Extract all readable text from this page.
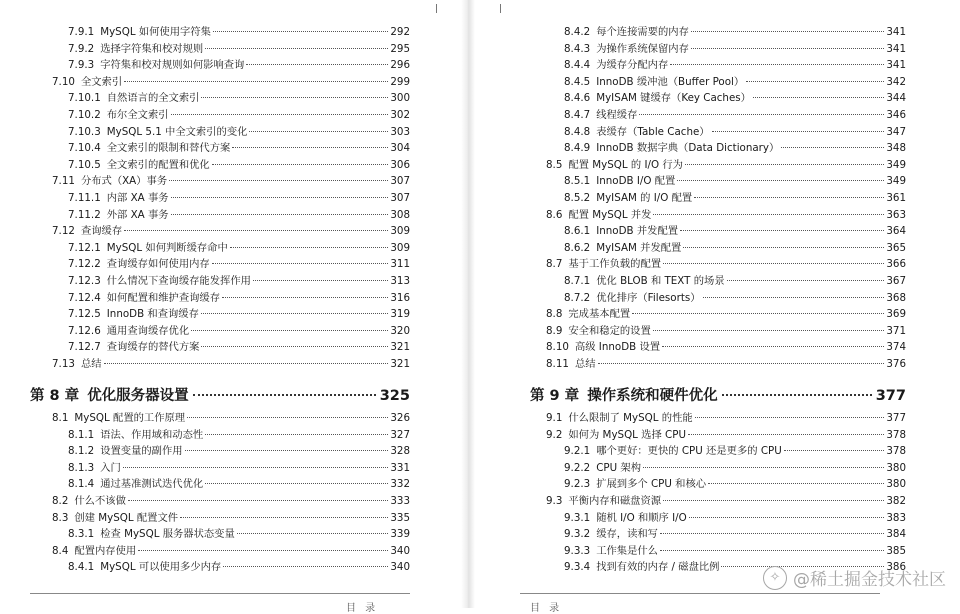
7.9.1 MySQL 如何使用字符集	292
7.9.2 选择字符集和校对规则	295
7.9.3 字符集和校对规则如何影响查询	296
7.10 全文索引	299
7.10.1 自然语言的全文索引	300
7.10.2 布尔全文索引	302
7.10.3 MySQL 5.1 中全文索引的变化	303
7.10.4 全文索引的限制和替代方案	304
7.10.5 全文索引的配置和优化	306
7.11 分布式（XA）事务	307
7.11.1 内部 XA 事务	307
7.11.2 外部 XA 事务	308
7.12 查询缓存	309
7.12.1 MySQL 如何判断缓存命中	309
7.12.2 查询缓存如何使用内存	311
7.12.3 什么情况下查询缓存能发挥作用	313
7.12.4 如何配置和维护查询缓存	316
7.12.5 InnoDB 和查询缓存	319
7.12.6 通用查询缓存优化	320
7.12.7 查询缓存的替代方案	321
7.13 总结	321
第 8 章 优化服务器设置	325
8.1 MySQL 配置的工作原理	326
8.1.1 语法、作用域和动态性	327
8.1.2 设置变量的副作用	328
8.1.3 入门	331
8.1.4 通过基准测试迭代优化	332
8.2 什么不该做	333
8.3 创建 MySQL 配置文件	335
8.3.1 检查 MySQL 服务器状态变量	339
8.4 配置内存使用	340
8.4.1 MySQL 可以使用多少内存	340
目 录
8.4.2 每个连接需要的内存	341
8.4.3 为操作系统保留内存	341
8.4.4 为缓存分配内存	341
8.4.5 InnoDB 缓冲池（Buffer Pool）	342
8.4.6 MyISAM 键缓存（Key Caches）	344
8.4.7 线程缓存	346
8.4.8 表缓存（Table Cache）	347
8.4.9 InnoDB 数据字典（Data Dictionary）	348
8.5 配置 MySQL 的 I/O 行为	349
8.5.1 InnoDB I/O 配置	349
8.5.2 MyISAM 的 I/O 配置	361
8.6 配置 MySQL 并发	363
8.6.1 InnoDB 并发配置	364
8.6.2 MyISAM 并发配置	365
8.7 基于工作负载的配置	366
8.7.1 优化 BLOB 和 TEXT 的场景	367
8.7.2 优化排序（Filesorts）	368
8.8 完成基本配置	369
8.9 安全和稳定的设置	371
8.10 高级 InnoDB 设置	374
8.11 总结	376
第 9 章 操作系统和硬件优化	377
9.1 什么限制了 MySQL 的性能	377
9.2 如何为 MySQL 选择 CPU	378
9.2.1 哪个更好：更快的 CPU 还是更多的 CPU	378
9.2.2 CPU 架构	380
9.2.3 扩展到多个 CPU 和核心	380
9.3 平衡内存和磁盘资源	382
9.3.1 随机 I/O 和顺序 I/O	383
9.3.2 缓存，读和写	384
9.3.3 工作集是什么	385
9.3.4 找到有效的内存 / 磁盘比例	386
目 录
✧ @稀土掘金技术社区
